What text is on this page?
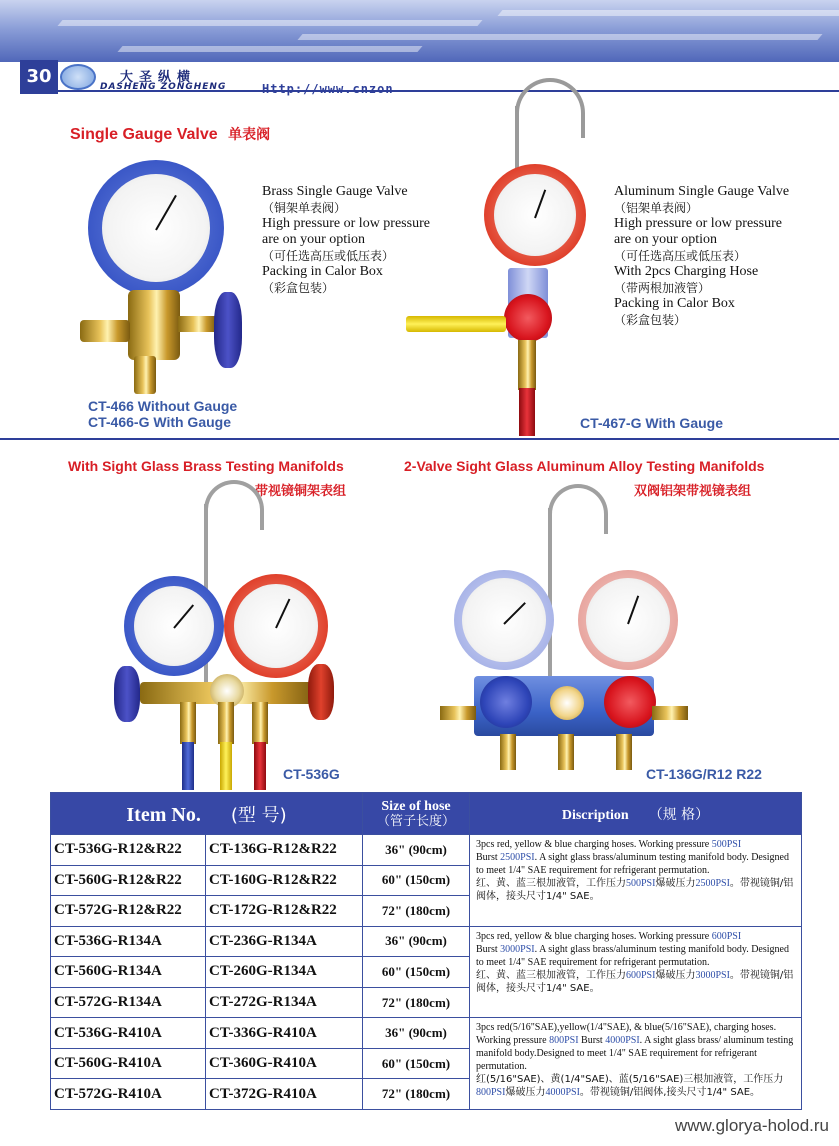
30	大圣纵横
DASHENG ZONGHENG	Http://www.cnzon
Single Gauge Valve 单表阀
Brass Single Gauge Valve
（铜架单表阀）
High pressure or low pressure
are on your option
（可任选高压或低压表）
Packing in Calor Box
（彩盒包装）
CT-466 Without Gauge
CT-466-G With Gauge
Aluminum Single Gauge Valve
（铝架单表阀）
High pressure or low pressure
are on your option
（可任选高压或低压表）
With 2pcs Charging Hose
（带两根加液管）
Packing in Calor Box
（彩盒包装）
CT-467-G With Gauge
With Sight Glass Brass Testing Manifolds
带视镜铜架表组
2-Valve Sight Glass Aluminum Alloy Testing Manifolds
双阀铝架带视镜表组
CT-536G	CT-136G/R12 R22
Item No. (型 号)		Size of hose
（管子长度）	Discription （规 格）
CT-536G-R12&R22	CT-136G-R12&R22	36" (90cm)	3pcs red, yellow & blue charging hoses. Working pressure 500PSI
Burst 2500PSI. A sight glass brass/aluminum testing manifold body. Designed to meet 1/4" SAE requirement for refrigerant permutation.
红、黄、蓝三根加液管，工作压力500PSI爆破压力2500PSI。带视镜铜/铝阀体，接头尺寸1/4" SAE。
CT-560G-R12&R22	CT-160G-R12&R22	60" (150cm)	
CT-572G-R12&R22	CT-172G-R12&R22	72" (180cm)	
CT-536G-R134A	CT-236G-R134A	36" (90cm)	3pcs red, yellow & blue charging hoses. Working pressure 600PSI
Burst 3000PSI. A sight glass brass/aluminum testing manifold body. Designed to meet 1/4" SAE requirement for refrigerant permutation.
红、黄、蓝三根加液管，工作压力600PSI爆破压力3000PSI。带视镜铜/铝阀体，接头尺寸1/4" SAE。
CT-560G-R134A	CT-260G-R134A	60" (150cm)	
CT-572G-R134A	CT-272G-R134A	72" (180cm)	
CT-536G-R410A	CT-336G-R410A	36" (90cm)	3pcs red(5/16"SAE),yellow(1/4"SAE), & blue(5/16"SAE), charging hoses. Working pressure 800PSI Burst 4000PSI. A sight glass brass/ aluminum testing manifold body.Designed to meet 1/4" SAE requirement for refrigerant permutation.
红(5/16"SAE)、黄(1/4"SAE)、蓝(5/16"SAE)三根加液管，工作压力800PSI爆破压力4000PSI。带视镜铜/铝阀体,接头尺寸1/4" SAE。
CT-560G-R410A	CT-360G-R410A	60" (150cm)	
CT-572G-R410A	CT-372G-R410A	72" (180cm)	
www.glorya-holod.ru
